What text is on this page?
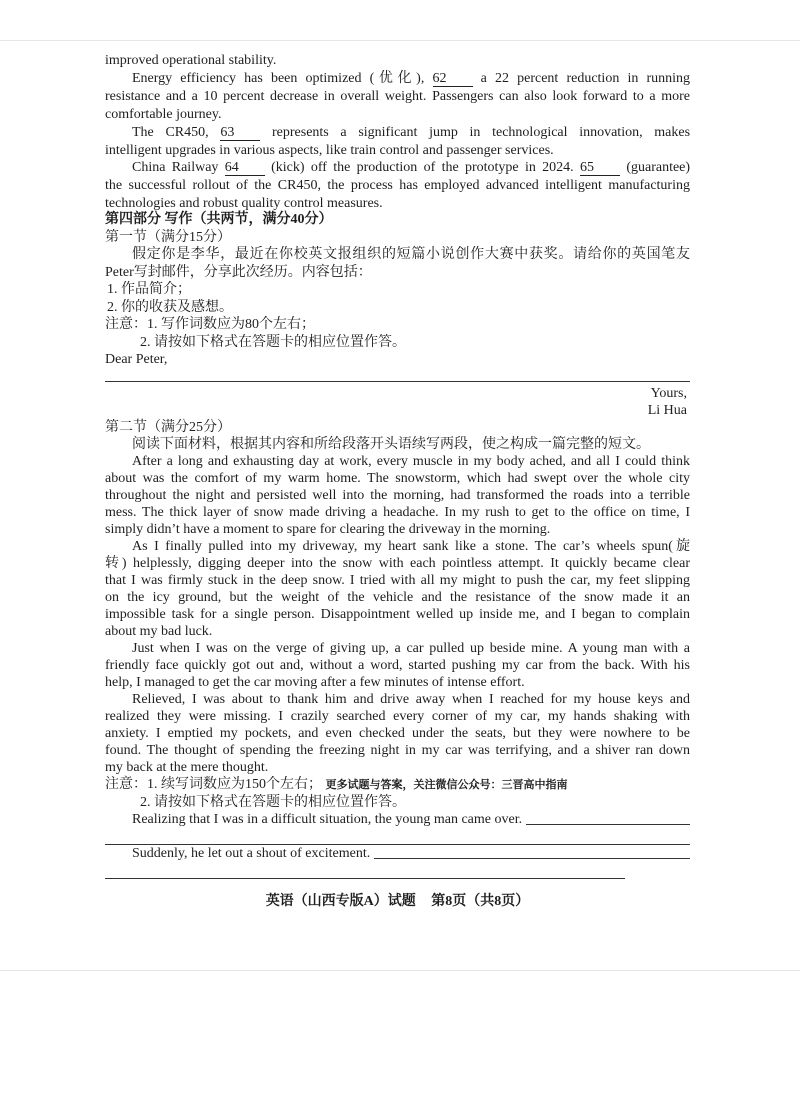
improved operational stability.
Energy efficiency has been optimized (优化), 62 a 22 percent reduction in running
resistance and a 10 percent decrease in overall weight. Passengers can also look forward to a more
comfortable journey.
The CR450, 63	represents a significant jump in technological innovation, makes
intelligent upgrades in various aspects, like train control and passenger services.
China Railway 64 (kick) off the production of the prototype in 2024. 65 (guarantee)
the successful rollout of the CR450, the process has employed advanced intelligent manufacturing
technologies and robust quality control measures.
第四部分 写作（共两节，满分40分）
第一节（满分15分）
假定你是李华，最近在你校英文报组织的短篇小说创作大赛中获奖。请给你的英国笔友
Peter写封邮件，分享此次经历。内容包括：
1. 作品简介；
2. 你的收获及感想。
注意：1. 写作词数应为80个左右；
2. 请按如下格式在答题卡的相应位置作答。
Dear Peter,
Yours,
Li Hua
第二节（满分25分）
阅读下面材料，根据其内容和所给段落开头语续写两段，使之构成一篇完整的短文。
After a long and exhausting day at work, every muscle in my body ached, and all I could think
about was the comfort of my warm home. The snowstorm, which had swept over the whole city
throughout the night and persisted well into the morning, had transformed the roads into a terrible
mess. The thick layer of snow made driving a headache. In my rush to get to the office on time, I
simply didn’t have a moment to spare for clearing the driveway in the morning.
As I finally pulled into my driveway, my heart sank like a stone. The car’s wheels spun(旋
转) helplessly, digging deeper into the snow with each pointless attempt. It quickly became clear
that I was firmly stuck in the deep snow. I tried with all my might to push the car, my feet slipping
on the icy ground, but the weight of the vehicle and the resistance of the snow made it an
impossible task for a single person. Disappointment welled up inside me, and I began to complain
about my bad luck.
Just when I was on the verge of giving up, a car pulled up beside mine. A young man with a
friendly face quickly got out and, without a word, started pushing my car from the back. With his
help, I managed to get the car moving after a few minutes of intense effort.
Relieved, I was about to thank him and drive away when I reached for my house keys and
realized they were missing. I crazily searched every corner of my car, my hands shaking with
anxiety. I emptied my pockets, and even checked under the seats, but they were nowhere to be
found. The thought of spending the freezing night in my car was terrifying, and a shiver ran down
my back at the mere thought.
注意：1. 续写词数应为150个左右； 更多试题与答案，关注微信公众号：三晋高中指南
2. 请按如下格式在答题卡的相应位置作答。
Realizing that I was in a difficult situation, the young man came over.
Suddenly, he let out a shout of excitement.
英语（山西专版A）试题 第8页（共8页）
